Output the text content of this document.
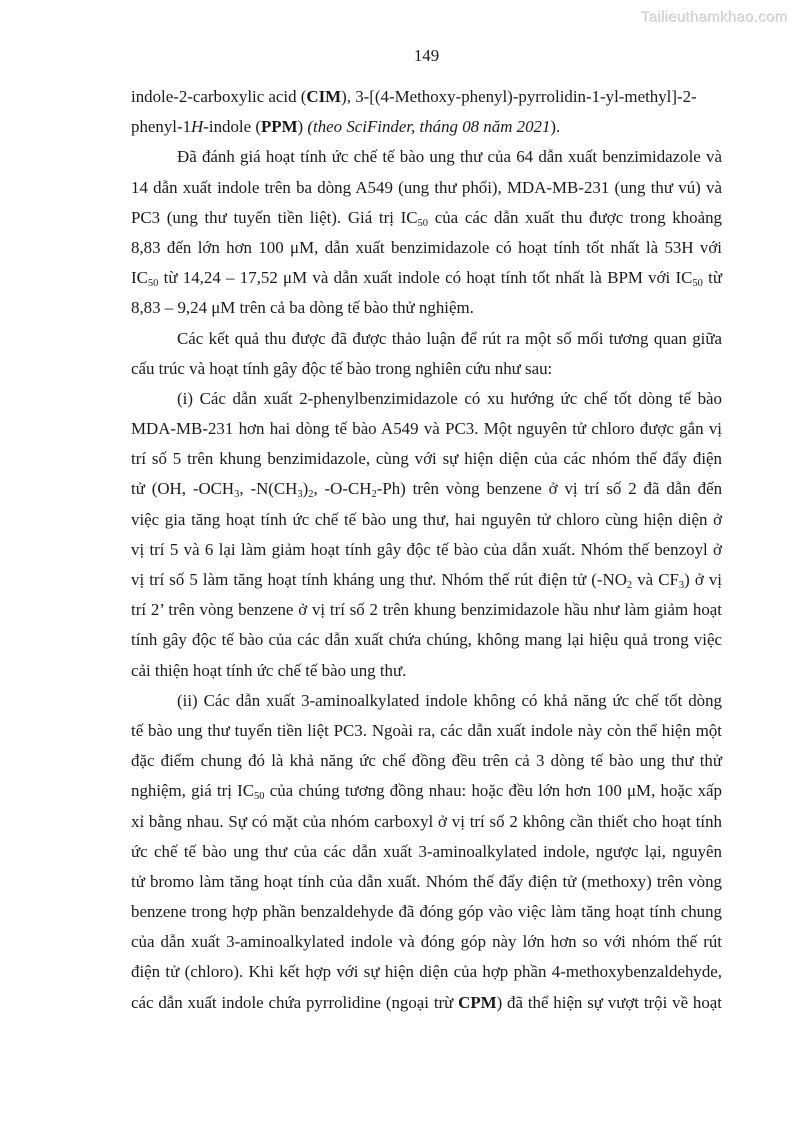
Tailieuthamkhao.com
149
indole-2-carboxylic acid (CIM), 3-[(4-Methoxy-phenyl)-pyrrolidin-1-yl-methyl]-2-
phenyl-1H-indole (PPM) (theo SciFinder, tháng 08 năm 2021).
Đã đánh giá hoạt tính ức chế tế bào ung thư của 64 dẫn xuất benzimidazole và
14 dẫn xuất indole trên ba dòng A549 (ung thư phổi), MDA-MB-231 (ung thư vú) và
PC3 (ung thư tuyến tiền liệt). Giá trị IC50 của các dẫn xuất thu được trong khoảng
8,83 đến lớn hơn 100 μM, dẫn xuất benzimidazole có hoạt tính tốt nhất là 53H với
IC50 từ 14,24 – 17,52 μM và dẫn xuất indole có hoạt tính tốt nhất là BPM với IC50 từ
8,83 – 9,24 μM trên cả ba dòng tế bào thử nghiệm.
Các kết quả thu được đã được thảo luận để rút ra một số mối tương quan giữa
cấu trúc và hoạt tính gây độc tế bào trong nghiên cứu như sau:
(i) Các dẫn xuất 2-phenylbenzimidazole có xu hướng ức chế tốt dòng tế bào
MDA-MB-231 hơn hai dòng tế bào A549 và PC3. Một nguyên tử chloro được gắn vị
trí số 5 trên khung benzimidazole, cùng với sự hiện diện của các nhóm thế đẩy điện
tử (OH, -OCH3, -N(CH3)2, -O-CH2-Ph) trên vòng benzene ở vị trí số 2 đã dẫn đến
việc gia tăng hoạt tính ức chế tế bào ung thư, hai nguyên tử chloro cùng hiện diện ở
vị trí 5 và 6 lại làm giảm hoạt tính gây độc tế bào của dẫn xuất. Nhóm thế benzoyl ở
vị trí số 5 làm tăng hoạt tính kháng ung thư. Nhóm thế rút điện tử (-NO2 và CF3) ở vị
trí 2’ trên vòng benzene ở vị trí số 2 trên khung benzimidazole hầu như làm giảm hoạt
tính gây độc tế bào của các dẫn xuất chứa chúng, không mang lại hiệu quả trong việc
cải thiện hoạt tính ức chế tế bào ung thư.
(ii) Các dẫn xuất 3-aminoalkylated indole không có khả năng ức chế tốt dòng
tế bào ung thư tuyến tiền liệt PC3. Ngoài ra, các dẫn xuất indole này còn thể hiện một
đặc điểm chung đó là khả năng ức chế đồng đều trên cả 3 dòng tế bào ung thư thử
nghiệm, giá trị IC50 của chúng tương đồng nhau: hoặc đều lớn hơn 100 μM, hoặc xấp
xỉ bằng nhau. Sự có mặt của nhóm carboxyl ở vị trí số 2 không cần thiết cho hoạt tính
ức chế tế bào ung thư của các dẫn xuất 3-aminoalkylated indole, ngược lại, nguyên
tử bromo làm tăng hoạt tính của dẫn xuất. Nhóm thế đẩy điện tử (methoxy) trên vòng
benzene trong hợp phần benzaldehyde đã đóng góp vào việc làm tăng hoạt tính chung
của dẫn xuất 3-aminoalkylated indole và đóng góp này lớn hơn so với nhóm thế rút
điện tử (chloro). Khi kết hợp với sự hiện diện của hợp phần 4-methoxybenzaldehyde,
các dẫn xuất indole chứa pyrrolidine (ngoại trừ CPM) đã thể hiện sự vượt trội về hoạt
